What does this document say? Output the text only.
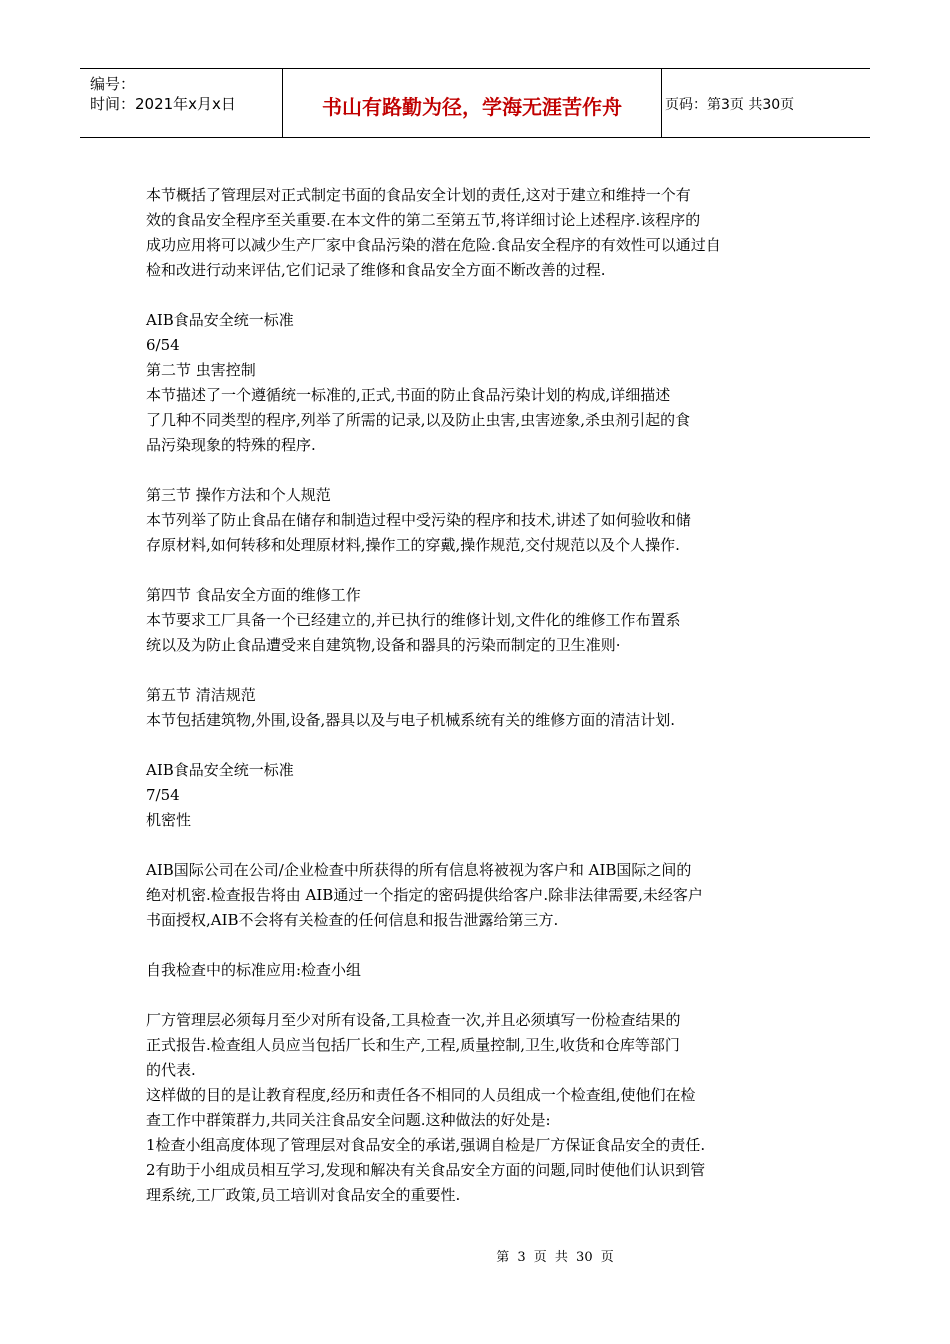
编号：
时间：2021年x月x日	书山有路勤为径，学海无涯苦作舟	页码：第3页 共30页
本节概括了管理层对正式制定书面的食品安全计划的责任,这对于建立和维持一个有
效的食品安全程序至关重要.在本文件的第二至第五节,将详细讨论上述程序.该程序的
成功应用将可以减少生产厂家中食品污染的潜在危险.食品安全程序的有效性可以通过自
检和改进行动来评估,它们记录了维修和食品安全方面不断改善的过程.
AIB食品安全统一标准
6/54
第二节 虫害控制
本节描述了一个遵循统一标准的,正式,书面的防止食品污染计划的构成,详细描述
了几种不同类型的程序,列举了所需的记录,以及防止虫害,虫害迹象,杀虫剂引起的食
品污染现象的特殊的程序.
第三节 操作方法和个人规范
本节列举了防止食品在储存和制造过程中受污染的程序和技术,讲述了如何验收和储
存原材料,如何转移和处理原材料,操作工的穿戴,操作规范,交付规范以及个人操作.
第四节 食品安全方面的维修工作
本节要求工厂具备一个已经建立的,并已执行的维修计划,文件化的维修工作布置系
统以及为防止食品遭受来自建筑物,设备和器具的污染而制定的卫生准则·
第五节 清洁规范
本节包括建筑物,外围,设备,器具以及与电子机械系统有关的维修方面的清洁计划.
AIB食品安全统一标准
7/54
机密性
AIB国际公司在公司/企业检查中所获得的所有信息将被视为客户和 AIB国际之间的
绝对机密.检查报告将由 AIB通过一个指定的密码提供给客户.除非法律需要,未经客户
书面授权,AIB不会将有关检查的任何信息和报告泄露给第三方.
自我检查中的标准应用:检查小组
厂方管理层必须每月至少对所有设备,工具检查一次,并且必须填写一份检查结果的
正式报告.检查组人员应当包括厂长和生产,工程,质量控制,卫生,收货和仓库等部门
的代表.
这样做的目的是让教育程度,经历和责任各不相同的人员组成一个检查组,使他们在检
查工作中群策群力,共同关注食品安全问题.这种做法的好处是:
1检查小组高度体现了管理层对食品安全的承诺,强调自检是厂方保证食品安全的责任.
2有助于小组成员相互学习,发现和解决有关食品安全方面的问题,同时使他们认识到管
理系统,工厂政策,员工培训对食品安全的重要性.
第 3 页 共 30 页
